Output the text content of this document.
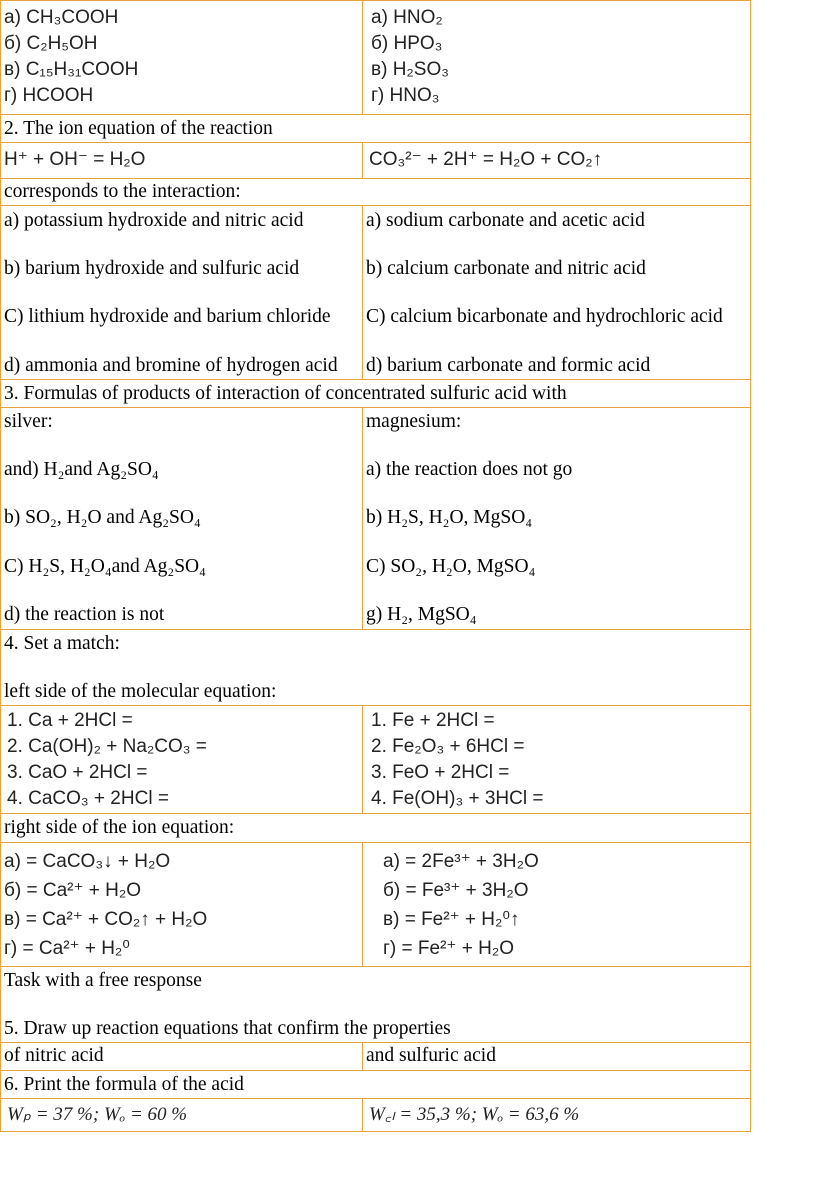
а) CH₃COOH
б) C₂H₅OH
в) C₁₅H₃₁COOH
г) HCOOH	а) HNO₂
б) HPO₃
в) H₂SO₃
г) HNO₃

2. The ion equation of the reaction	
H⁺ + OH⁻ = H₂O	CO₃²⁻ + 2H⁺ = H₂O + CO₂↑
corresponds to the interaction:	

a) potassium hydroxide and nitric acid
b) barium hydroxide and sulfuric acid
C) lithium hydroxide and barium chloride
d) ammonia and bromine of hydrogen acid	a) sodium carbonate and acetic acid
b) calcium carbonate and nitric acid
C) calcium bicarbonate and hydrochloric acid
d) barium carbonate and formic acid

3. Formulas of products of interaction of concentrated sulfuric acid with	

silver:
and) H₂and Ag₂SO₄
b) SO₂, H₂O and Ag₂SO₄
C) H₂S, H₂O₄and Ag₂SO₄
d) the reaction is not	magnesium:
a) the reaction does not go
b) H₂S, H₂O, MgSO₄
C) SO₂, H₂O, MgSO₄
g) H₂, MgSO₄

4. Set a match:
left side of the molecular equation:	

1. Ca + 2HCl =
2. Ca(OH)₂ + Na₂CO₃ =
3. CaO + 2HCl =
4. CaCO₃ + 2HCl =	1. Fe + 2HCl =
2. Fe₂O₃ + 6HCl =
3. FeO + 2HCl =
4. Fe(OH)₃ + 3HCl =

right side of the ion equation:	

а) = CaCO₃↓ + H₂O
б) = Ca²⁺ + H₂O
в) = Ca²⁺ + CO₂↑ + H₂O
г) = Ca²⁺ + H₂⁰	а) = 2Fe³⁺ + 3H₂O
б) = Fe³⁺ + 3H₂O
в) = Fe²⁺ + H₂⁰↑
г) = Fe²⁺ + H₂O

Task with a free response
5. Draw up reaction equations that confirm the properties	

of nitric acid	and sulfuric acid
6. Print the formula of the acid	
Wₚ = 37 %; Wₒ = 60 %	W꜀ₗ = 35,3 %; Wₒ = 63,6 %
